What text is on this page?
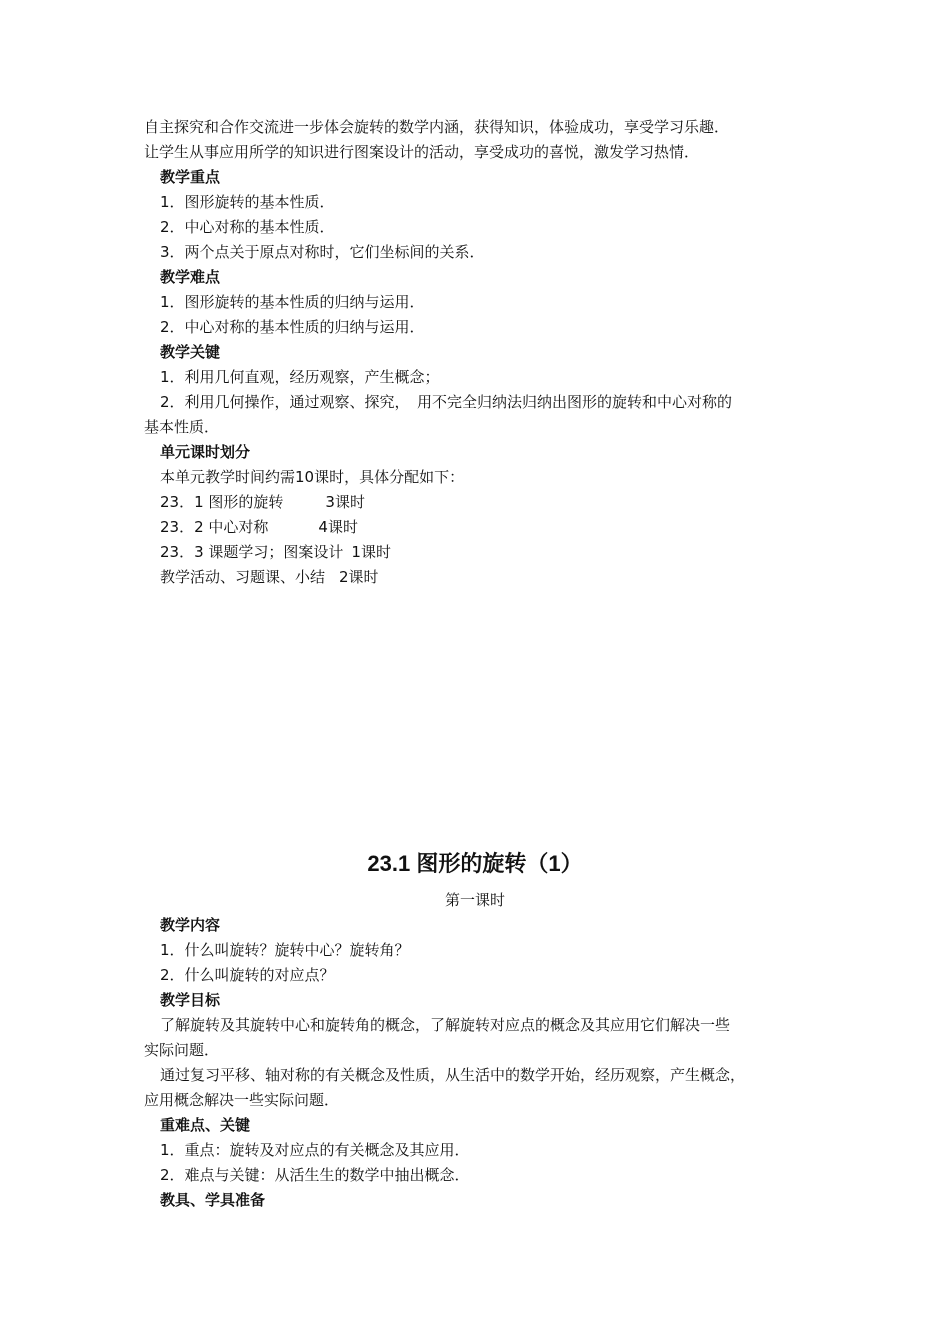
自主探究和合作交流进一步体会旋转的数学内涵，获得知识，体验成功，享受学习乐趣．
让学生从事应用所学的知识进行图案设计的活动，享受成功的喜悦，激发学习热情．
教学重点
1．图形旋转的基本性质．
2．中心对称的基本性质．
3．两个点关于原点对称时，它们坐标间的关系．
教学难点
1．图形旋转的基本性质的归纳与运用．
2．中心对称的基本性质的归纳与运用．
教学关键
1．利用几何直观，经历观察，产生概念；
2．利用几何操作，通过观察、探究，　用不完全归纳法归纳出图形的旋转和中心对称的
基本性质．
单元课时划分
本单元教学时间约需10课时，具体分配如下：
23．1 图形的旋转	3课时
23．2 中心对称	4课时
23．3 课题学习；图案设计 1课时
教学活动、习题课、小结 2课时
23.1 图形的旋转（1）
第一课时
教学内容
1．什么叫旋转？旋转中心？旋转角？
2．什么叫旋转的对应点？
教学目标
了解旋转及其旋转中心和旋转角的概念，了解旋转对应点的概念及其应用它们解决一些
实际问题．
通过复习平移、轴对称的有关概念及性质，从生活中的数学开始，经历观察，产生概念，
应用概念解决一些实际问题．
重难点、关键
1．重点：旋转及对应点的有关概念及其应用．
2．难点与关键：从活生生的数学中抽出概念．
教具、学具准备
